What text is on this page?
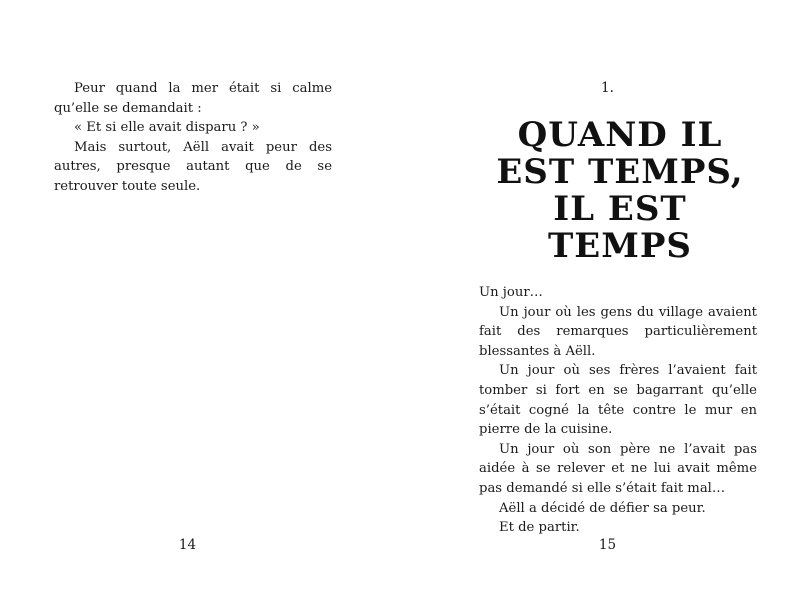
Peur quand la mer était si calme qu’elle se demandait :

« Et si elle avait disparu ? »

Mais surtout, Aëll avait peur des autres, presque autant que de se retrouver toute seule.

14
1.
QUAND IL EST TEMPS, IL EST TEMPS

Un jour…

Un jour où les gens du village avaient fait des remarques particulièrement blessantes à Aëll.

Un jour où ses frères l’avaient fait tomber si fort en se bagarrant qu’elle s’était cogné la tête contre le mur en pierre de la cuisine.

Un jour où son père ne l’avait pas aidée à se relever et ne lui avait même pas demandé si elle s’était fait mal…

Aëll a décidé de défier sa peur.

Et de partir.

15
